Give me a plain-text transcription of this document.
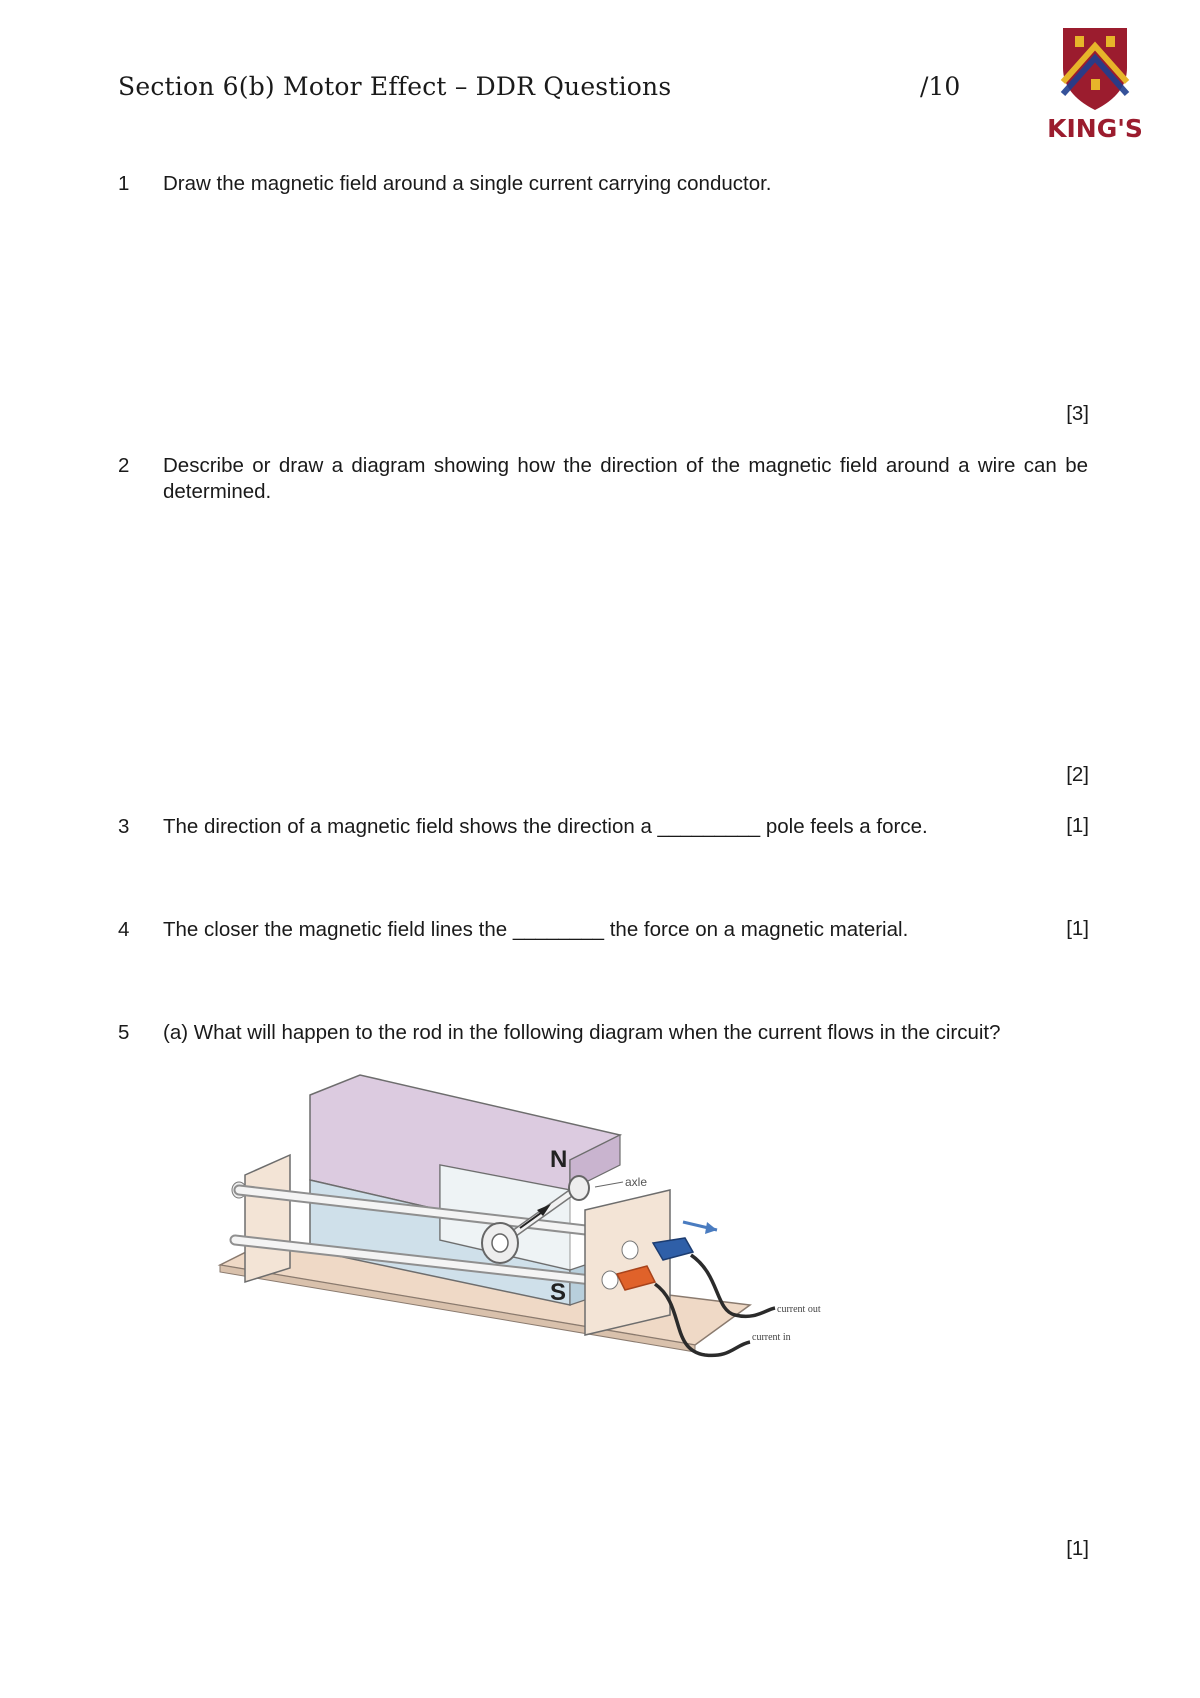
Section 6(b) Motor Effect – DDR Questions	/10
KING'S
1 Draw the magnetic field around a single current carrying conductor.
[3]
2 Describe or draw a diagram showing how the direction of the magnetic field around a wire can be determined.
[2]
3 The direction of a magnetic field shows the direction a _________ pole feels a force.	[1]
4 The closer the magnetic field lines the ________ the force on a magnetic material.	[1]
5 (a) What will happen to the rod in the following diagram when the current flows in the circuit?
N
S
axle
current out
current in
[1]
